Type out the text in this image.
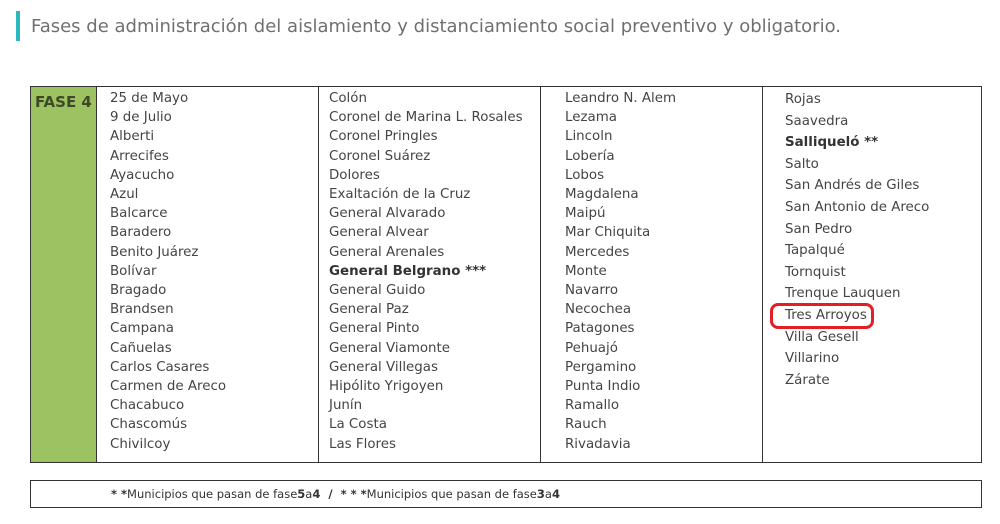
Fases de administración del aislamiento y distanciamiento social preventivo y obligatorio.
FASE 4	25 de Mayo
9 de Julio
Alberti
Arrecifes
Ayacucho
Azul
Balcarce
Baradero
Benito Juárez
Bolívar
Bragado
Brandsen
Campana
Cañuelas
Carlos Casares
Carmen de Areco
Chacabuco
Chascomús
Chivilcoy
Colón
Coronel de Marina L. Rosales
Coronel Pringles
Coronel Suárez
Dolores
Exaltación de la Cruz
General Alvarado
General Alvear
General Arenales
General Belgrano ***
General Guido
General Paz
General Pinto
General Viamonte
General Villegas
Hipólito Yrigoyen
Junín
La Costa
Las Flores
Leandro N. Alem
Lezama
Lincoln
Lobería
Lobos
Magdalena
Maipú
Mar Chiquita
Mercedes
Monte
Navarro
Necochea
Patagones
Pehuajó
Pergamino
Punta Indio
Ramallo
Rauch
Rivadavia
Rojas
Saavedra
Salliqueló **
Salto
San Andrés de Giles
San Antonio de Areco
San Pedro
Tapalqué
Tornquist
Trenque Lauquen
Tres Arroyos
Villa Gesell
Villarino
Zárate
* * Municipios que pasan de fase 5 a 4 / * * * Municipios que pasan de fase 3 a 4
